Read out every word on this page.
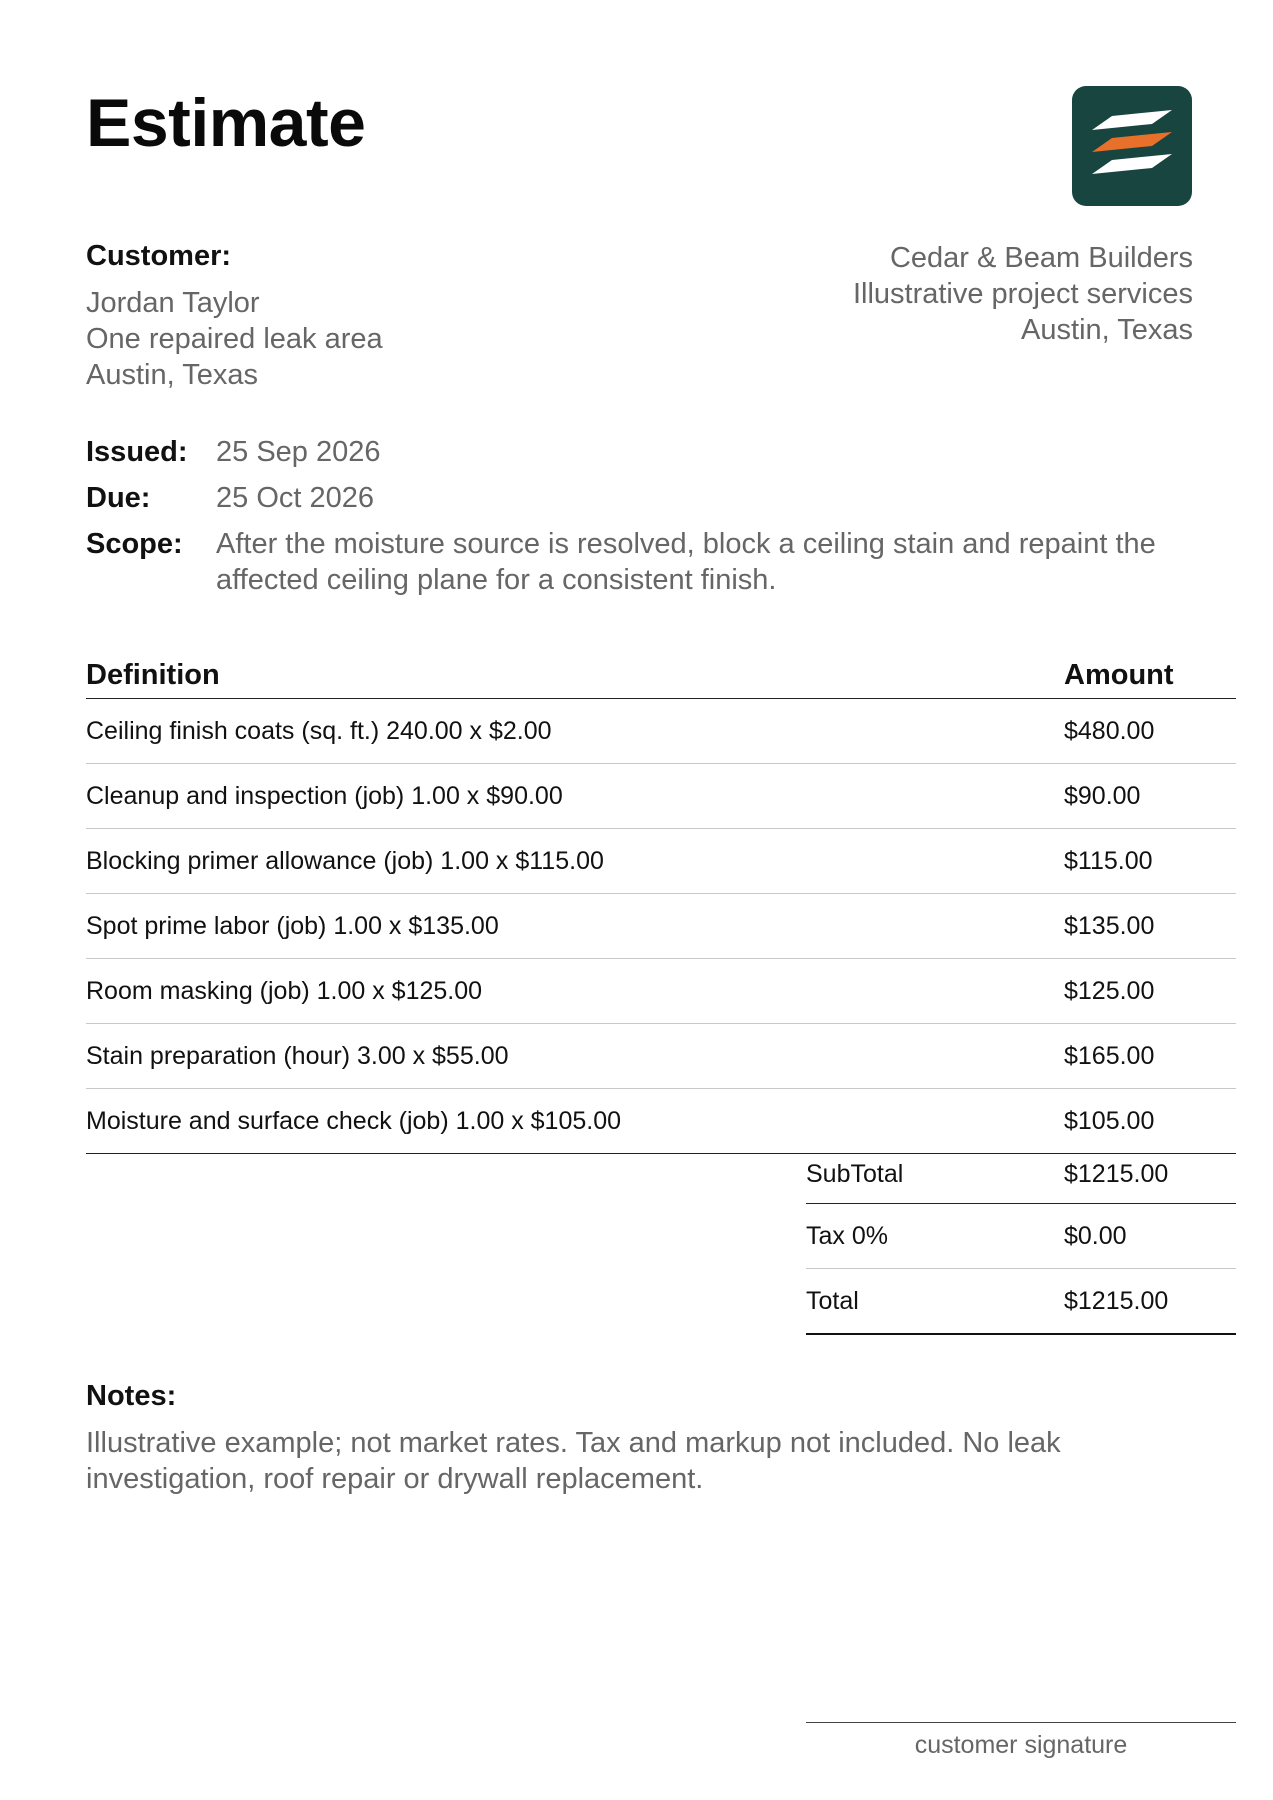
Estimate
Customer:
Jordan Taylor
One repaired leak area
Austin, Texas
Cedar & Beam Builders
Illustrative project services
Austin, Texas
Issued: 25 Sep 2026
Due:	25 Oct 2026
Scope:	After the moisture source is resolved, block a ceiling stain and repaint the affected ceiling plane for a consistent finish.
Definition	Amount
Ceiling finish coats (sq. ft.) 240.00 x $2.00	$480.00
Cleanup and inspection (job) 1.00 x $90.00	$90.00
Blocking primer allowance (job) 1.00 x $115.00	$115.00
Spot prime labor (job) 1.00 x $135.00	$135.00
Room masking (job) 1.00 x $125.00	$125.00
Stain preparation (hour) 3.00 x $55.00	$165.00
Moisture and surface check (job) 1.00 x $105.00	$105.00
SubTotal	$1215.00
Tax 0%	$0.00
Total	$1215.00
Notes:
Illustrative example; not market rates. Tax and markup not included. No leak investigation, roof repair or drywall replacement.
customer signature
